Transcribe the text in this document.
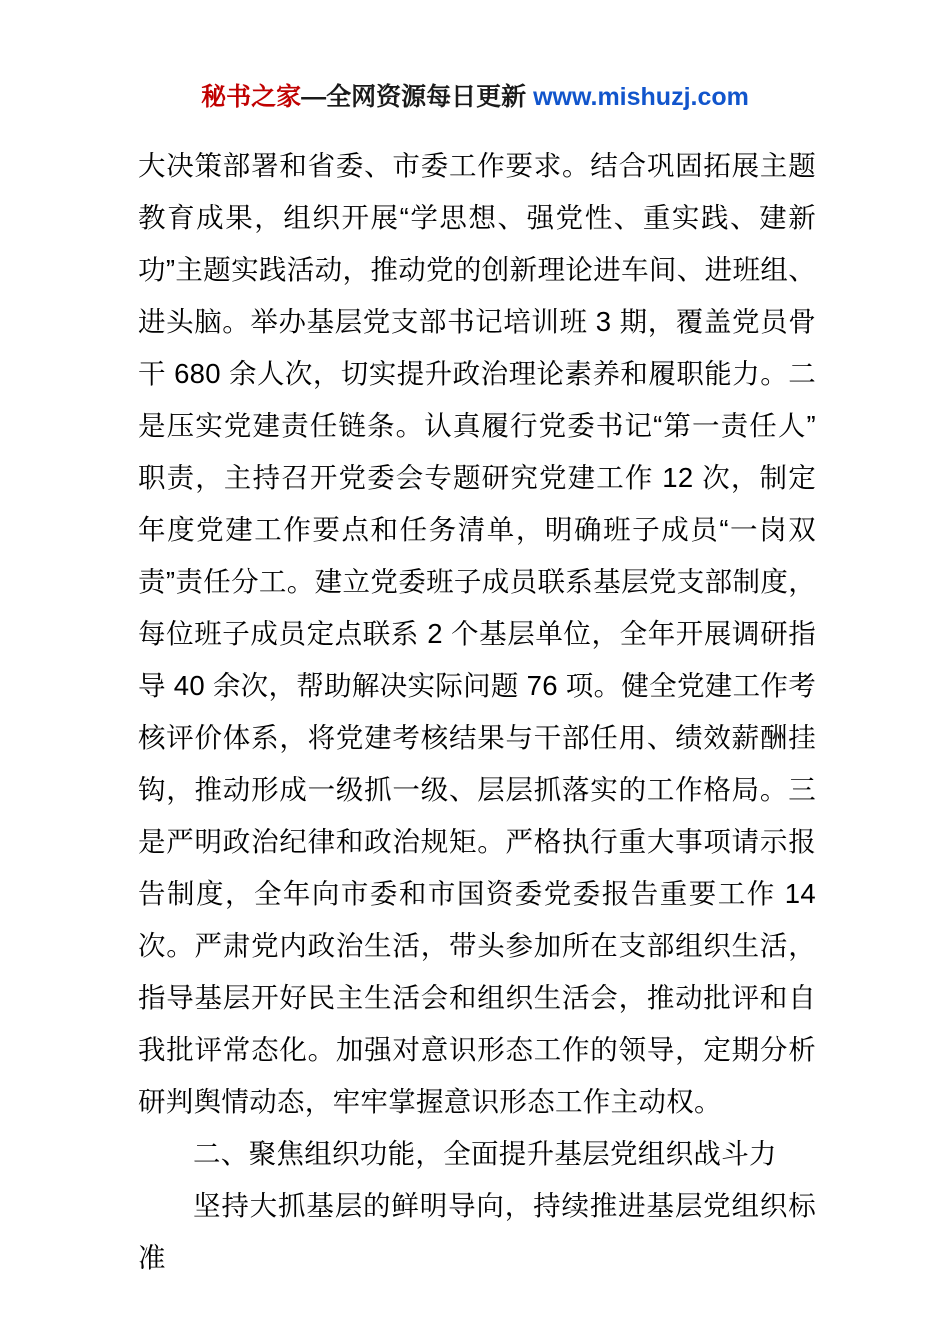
秘书之家—全网资源每日更新 www.mishuzj.com

大决策部署和省委、市委工作要求。结合巩固拓展主题教育成果，组织开展“学思想、强党性、重实践、建新功”主题实践活动，推动党的创新理论进车间、进班组、进头脑。举办基层党支部书记培训班 3 期，覆盖党员骨干 680 余人次，切实提升政治理论素养和履职能力。二是压实党建责任链条。认真履行党委书记“第一责任人”职责，主持召开党委会专题研究党建工作 12 次，制定年度党建工作要点和任务清单，明确班子成员“一岗双责”责任分工。建立党委班子成员联系基层党支部制度，每位班子成员定点联系 2 个基层单位，全年开展调研指导 40 余次，帮助解决实际问题 76 项。健全党建工作考核评价体系，将党建考核结果与干部任用、绩效薪酬挂钩，推动形成一级抓一级、层层抓落实的工作格局。三是严明政治纪律和政治规矩。严格执行重大事项请示报告制度，全年向市委和市国资委党委报告重要工作 14 次。严肃党内政治生活，带头参加所在支部组织生活，指导基层开好民主生活会和组织生活会，推动批评和自我批评常态化。加强对意识形态工作的领导，定期分析研判舆情动态，牢牢掌握意识形态工作主动权。

二、聚焦组织功能，全面提升基层党组织战斗力

坚持大抓基层的鲜明导向，持续推进基层党组织标准
